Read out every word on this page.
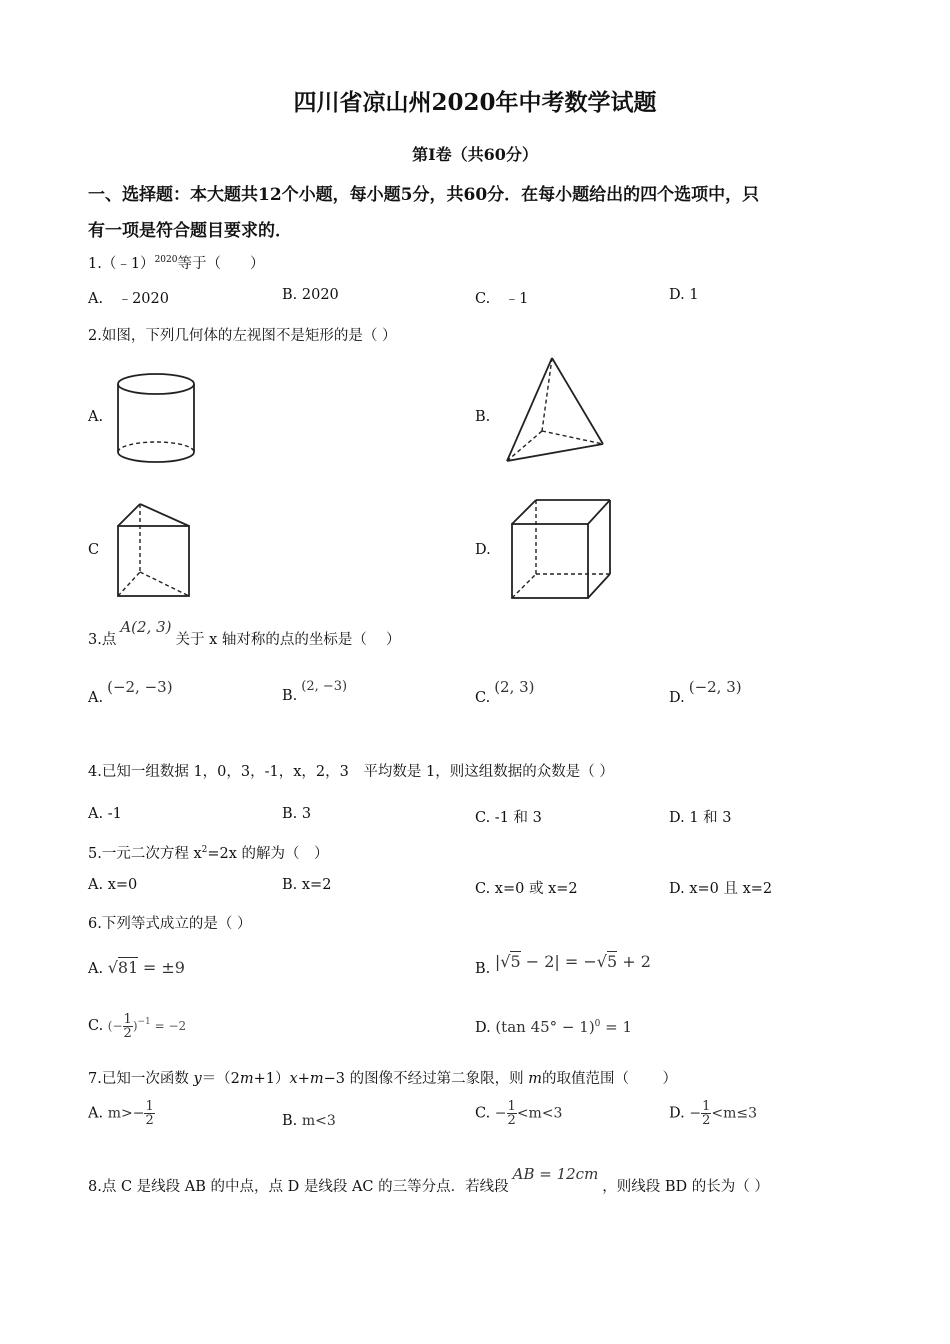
四川省凉山州2020年中考数学试题
第Ⅰ卷（共60分）
一、选择题：本大题共12个小题，每小题5分，共60分．在每小题给出的四个选项中，只
有一项是符合题目要求的．
1.（﹣1）$^{2020}$等于（　　）
A.　﹣2020	B. 2020	C.　﹣1	D. 1
2.如图，下列几何体的左视图不是矩形的是（ ）
A.	B.
C	D.
3.点A(2, 3)关于 x 轴对称的点的坐标是（　 ）
A.(−2, −3)	B.(2, −3)
C.(2, 3)
D.(−2, 3)
4.已知一组数据 1，0，3，-1，x，2，3　平均数是 1，则这组数据的众数是（ ）
A. -1	B. 3	C. -1 和 3	D. 1 和 3
5.一元二次方程 $x^2=2x$ 的解为（　）
A. x=0	B. x=2	C. x=0 或 x=2	D. x=0 且 x=2
6.下列等式成立的是（ ）
A. √81 = ±9	B. |√5 − 2| = −√5 + 2
C. (− $\frac{1}{2} )^{-1} = -2$	D. (tan 45° − 1)$^0$ = 1
7.已知一次函数 y＝（2m+1）x+m−3 的图像不经过第二象限，则 m的取值范围（　　 ）
A. $m>- \frac{1}{2}$	B. m<3	C. − $\frac{1}{2} <m<3$	D. − $\frac{1}{2} <m\le 3$
8.点 C 是线段 AB 的中点，点 D 是线段 AC 的三等分点．若线段AB = 12cm，则线段 BD 的长为（ ）
